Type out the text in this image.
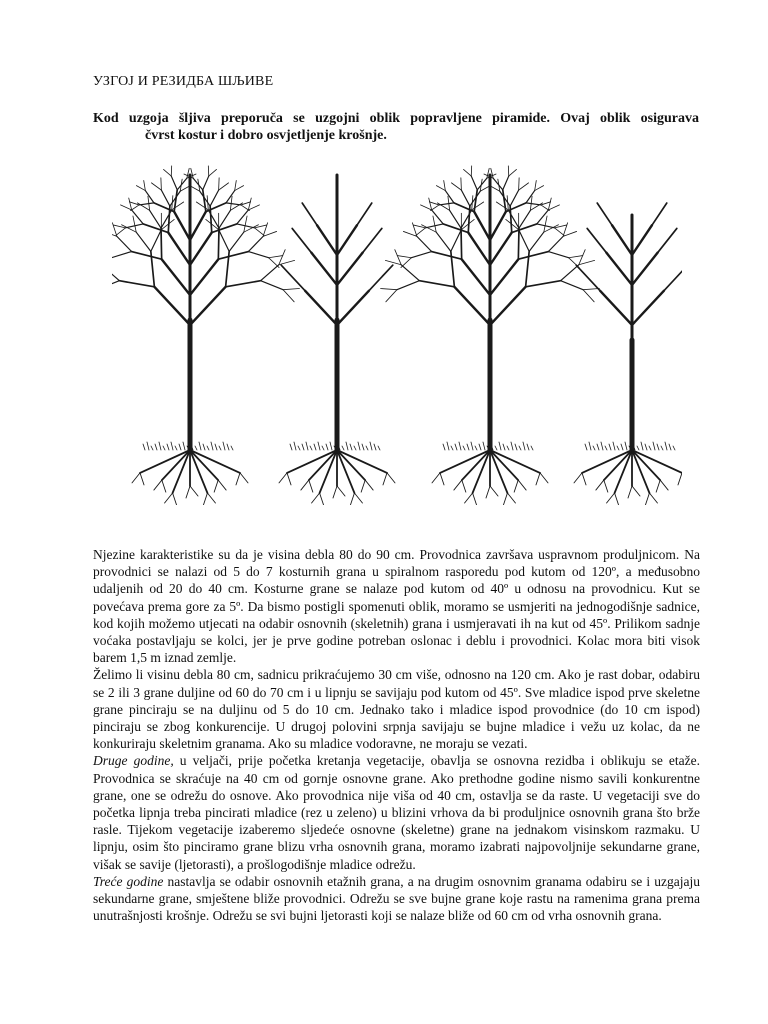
УЗГОЈ И РЕЗИДБА ШЉИВЕ
Kod uzgoja šljiva preporuča se uzgojni oblik popravljene piramide. Ovaj oblik osigurava
čvrst kostur i dobro osvjetljenje krošnje.

Njezine karakteristike su da je visina debla 80 do 90 cm. Provodnica završava uspravnom produljnicom. Na provodnici se nalazi od 5 do 7 kosturnih grana u spiralnom rasporedu pod kutom od 120º, a međusobno udaljenih od 20 do 40 cm. Kosturne grane se nalaze pod kutom od 40º u odnosu na provodnicu. Kut se povećava prema gore za 5º. Da bismo postigli spomenuti oblik, moramo se usmjeriti na jednogodišnje sadnice, kod kojih možemo utjecati na odabir osnovnih (skeletnih) grana i usmjeravati ih na kut od 45º. Prilikom sadnje voćaka postavljaju se kolci, jer je prve godine potreban oslonac i deblu i provodnici. Kolac mora biti visok barem 1,5 m iznad zemlje.

Želimo li visinu debla 80 cm, sadnicu prikraćujemo 30 cm više, odnosno na 120 cm. Ako je rast dobar, odabiru se 2 ili 3 grane duljine od 60 do 70 cm i u lipnju se savijaju pod kutom od 45º. Sve mladice ispod prve skeletne grane pinciraju se na duljinu od 5 do 10 cm. Jednako tako i mladice ispod provodnice (do 10 cm ispod) pinciraju se zbog konkurencije. U drugoj polovini srpnja savijaju se bujne mladice i vežu uz kolac, da ne konkuriraju skeletnim granama. Ako su mladice vodoravne, ne moraju se vezati.

Druge godine, u veljači, prije početka kretanja vegetacije, obavlja se osnovna rezidba i oblikuju se etaže. Provodnica se skraćuje na 40 cm od gornje osnovne grane. Ako prethodne godine nismo savili konkurentne grane, one se odrežu do osnove. Ako provodnica nije viša od 40 cm, ostavlja se da raste. U vegetaciji sve do početka lipnja treba pincirati mladice (rez u zeleno) u blizini vrhova da bi produljnice osnovnih grana što brže rasle. Tijekom vegetacije izaberemo sljedeće osnovne (skeletne) grane na jednakom visinskom razmaku. U lipnju, osim što pinciramo grane blizu vrha osnovnih grana, moramo izabrati najpovoljnije sekundarne grane, višak se savije (ljetorasti), a prošlogodišnje mladice odrežu.

Treće godine nastavlja se odabir osnovnih etažnih grana, a na drugim osnovnim granama odabiru se i uzgajaju sekundarne grane, smještene bliže provodnici. Odrežu se sve bujne grane koje rastu na ramenima grana prema unutrašnjosti krošnje. Odrežu se svi bujni ljetorasti koji se nalaze bliže od 60 cm od vrha osnovnih grana.
